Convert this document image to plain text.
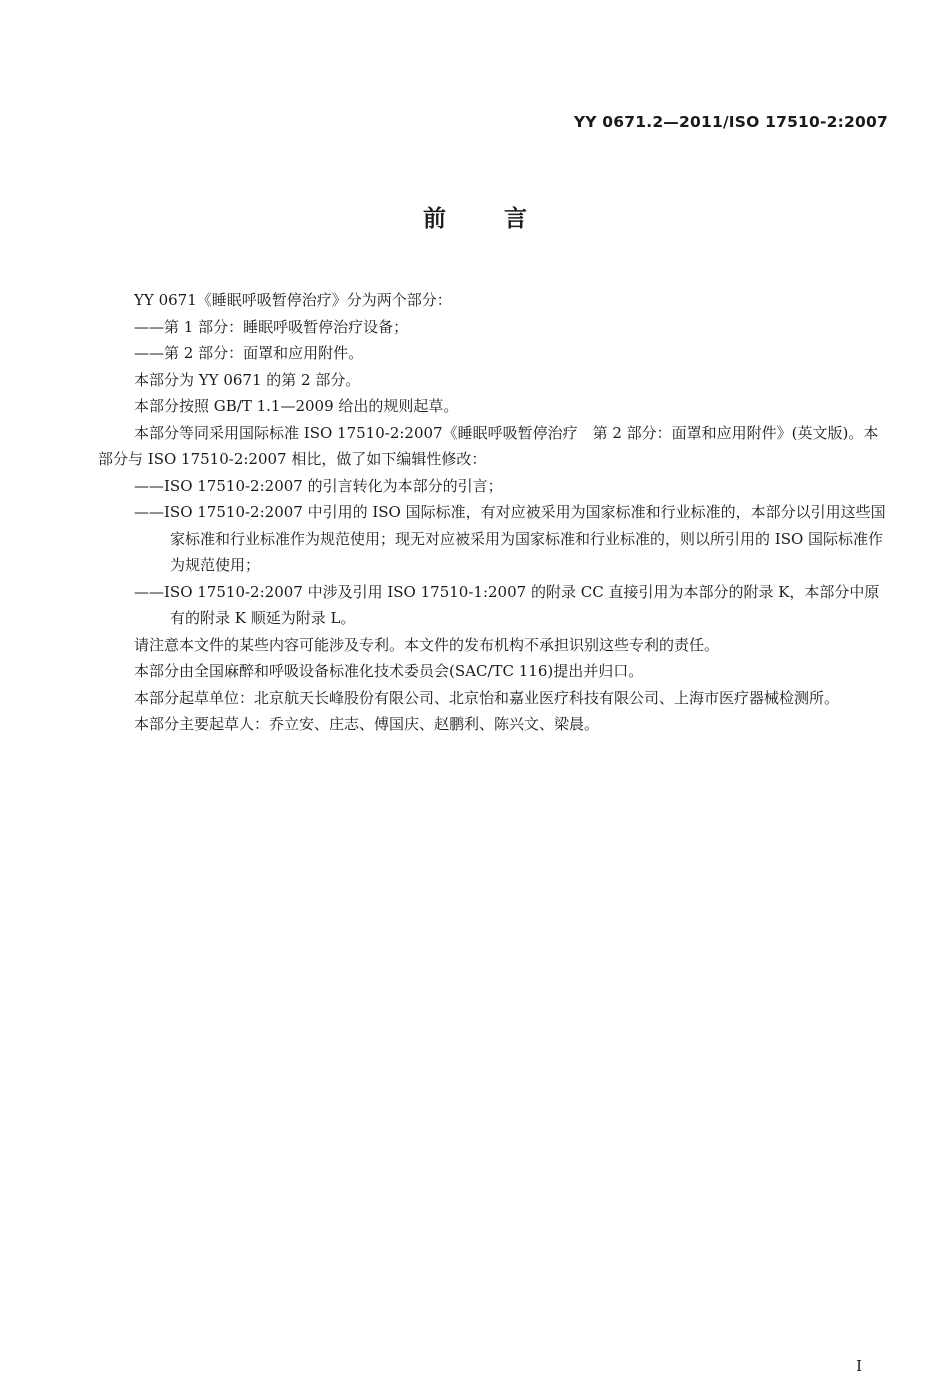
YY 0671.2—2011/ISO 17510-2:2007
前言

YY 0671《睡眠呼吸暂停治疗》分为两个部分：

——第 1 部分：睡眠呼吸暂停治疗设备；

——第 2 部分：面罩和应用附件。

本部分为 YY 0671 的第 2 部分。

本部分按照 GB/T 1.1—2009 给出的规则起草。

本部分等同采用国际标准 ISO 17510-2:2007《睡眠呼吸暂停治疗　第 2 部分：面罩和应用附件》(英文版)。本部分与 ISO 17510-2:2007 相比，做了如下编辑性修改：

——ISO 17510-2:2007 的引言转化为本部分的引言；

——ISO 17510-2:2007 中引用的 ISO 国际标准，有对应被采用为国家标准和行业标准的，本部分以引用这些国家标准和行业标准作为规范使用；现无对应被采用为国家标准和行业标准的，则以所引用的 ISO 国际标准作为规范使用；

——ISO 17510-2:2007 中涉及引用 ISO 17510-1:2007 的附录 CC 直接引用为本部分的附录 K，本部分中原有的附录 K 顺延为附录 L。

请注意本文件的某些内容可能涉及专利。本文件的发布机构不承担识别这些专利的责任。

本部分由全国麻醉和呼吸设备标准化技术委员会(SAC/TC 116)提出并归口。

本部分起草单位：北京航天长峰股份有限公司、北京怡和嘉业医疗科技有限公司、上海市医疗器械检测所。

本部分主要起草人：乔立安、庄志、傅国庆、赵鹏利、陈兴文、梁晨。

I
